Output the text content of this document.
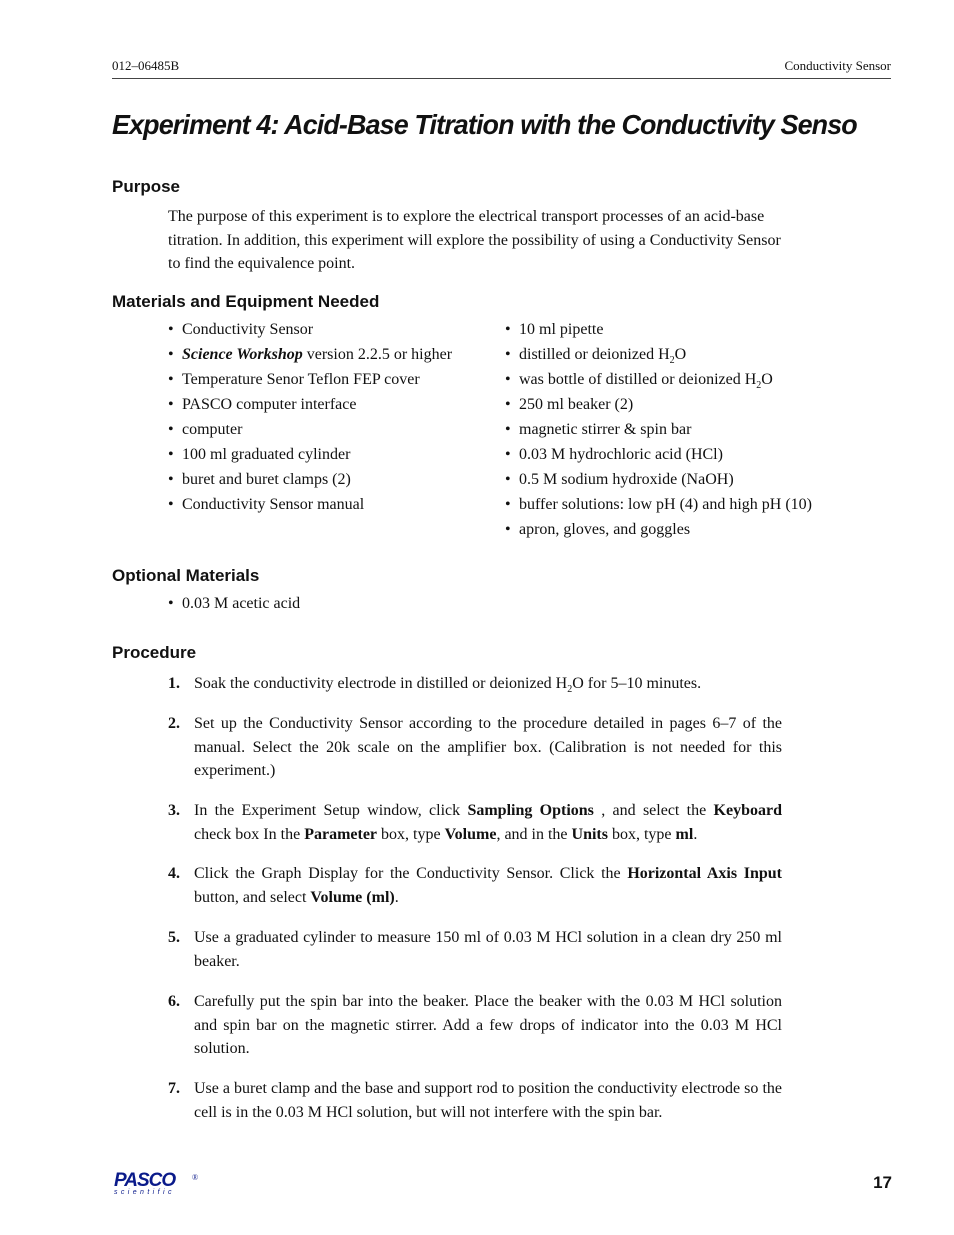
012–06485B	Conductivity Sensor
Experiment 4: Acid-Base Titration with the Conductivity Senso
Purpose
The purpose of this experiment is to explore the electrical transport processes of an acid-base titration. In addition, this experiment will explore the possibility of using a Conductivity Sensor to find the equivalence point.
Materials and Equipment Needed
• Conductivity Sensor
• Science Workshop version 2.2.5 or higher
• Temperature Senor Teflon FEP cover
• PASCO computer interface
• computer
• 100 ml graduated cylinder
• buret and buret clamps (2)
• Conductivity Sensor manual
• 10 ml pipette
• distilled or deionized $H_2O$
• was bottle of distilled or deionized $H_2O$
• 250 ml beaker (2)
• magnetic stirrer & spin bar
• 0.03 M hydrochloric acid (HCl)
• 0.5 M sodium hydroxide (NaOH)
• buffer solutions: low pH (4) and high pH (10)
• apron, gloves, and goggles
Optional Materials
• 0.03 M acetic acid
Procedure
1. Soak the conductivity electrode in distilled or deionized $H_2O$ for 5–10 minutes.
2. Set up the Conductivity Sensor according to the procedure detailed in pages 6–7 of the manual. Select the 20k scale on the amplifier box. (Calibration is not needed for this experiment.)
3. In the Experiment Setup window, click Sampling Options , and select the Keyboard check box In the Parameter box, type Volume, and in the Units box, type ml.
4. Click the Graph Display for the Conductivity Sensor. Click the Horizontal Axis Input button, and select Volume (ml).
5. Use a graduated cylinder to measure 150 ml of 0.03 M HCl solution in a clean dry 250 ml beaker.
6. Carefully put the spin bar into the beaker. Place the beaker with the 0.03 M HCl solution and spin bar on the magnetic stirrer. Add a few drops of indicator into the 0.03 M HCl solution.
7. Use a buret clamp and the base and support rod to position the conductivity electrode so the cell is in the 0.03 M HCl solution, but will not interfere with the spin bar.
PASCO
scientific
®	17
